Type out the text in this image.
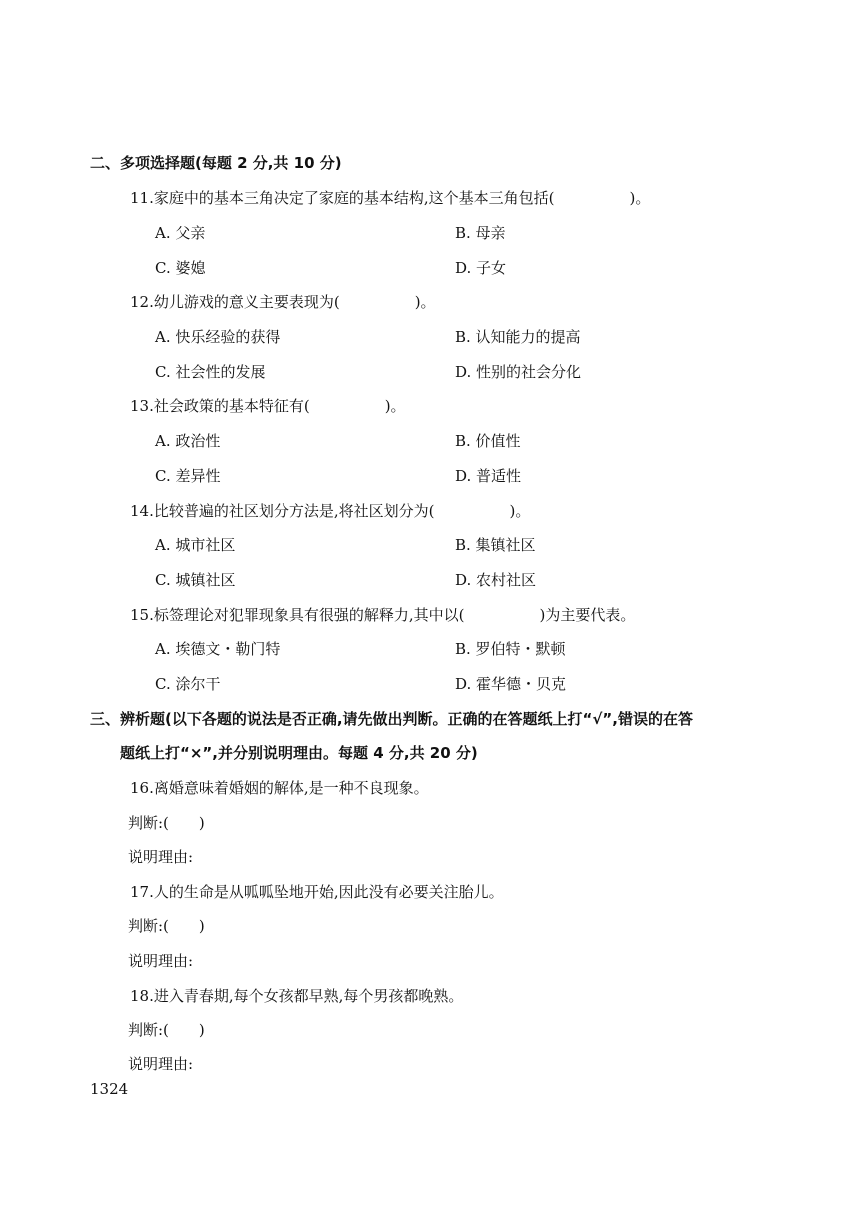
二、多项选择题(每题 2 分,共 10 分)
11.家庭中的基本三角决定了家庭的基本结构,这个基本三角包括(　　　　　)。
A. 父亲	B. 母亲
C. 婆媳	D. 子女
12.幼儿游戏的意义主要表现为(　　　　　)。
A. 快乐经验的获得	B. 认知能力的提高
C. 社会性的发展	D. 性别的社会分化
13.社会政策的基本特征有(　　　　　)。
A. 政治性	B. 价值性
C. 差异性	D. 普适性
14.比较普遍的社区划分方法是,将社区划分为(　　　　　)。
A. 城市社区	B. 集镇社区
C. 城镇社区	D. 农村社区
15.标签理论对犯罪现象具有很强的解释力,其中以(　　　　　)为主要代表。
A. 埃德文・勒门特	B. 罗伯特・默顿
C. 涂尔干	D. 霍华德・贝克
三、辨析题(以下各题的说法是否正确,请先做出判断。正确的在答题纸上打“√”,错误的在答
题纸上打“×”,并分别说明理由。每题 4 分,共 20 分)
16.离婚意味着婚姻的解体,是一种不良现象。
判断:(　　)
说明理由:
17.人的生命是从呱呱坠地开始,因此没有必要关注胎儿。
判断:(　　)
说明理由:
18.进入青春期,每个女孩都早熟,每个男孩都晚熟。
判断:(　　)
说明理由:
1324
